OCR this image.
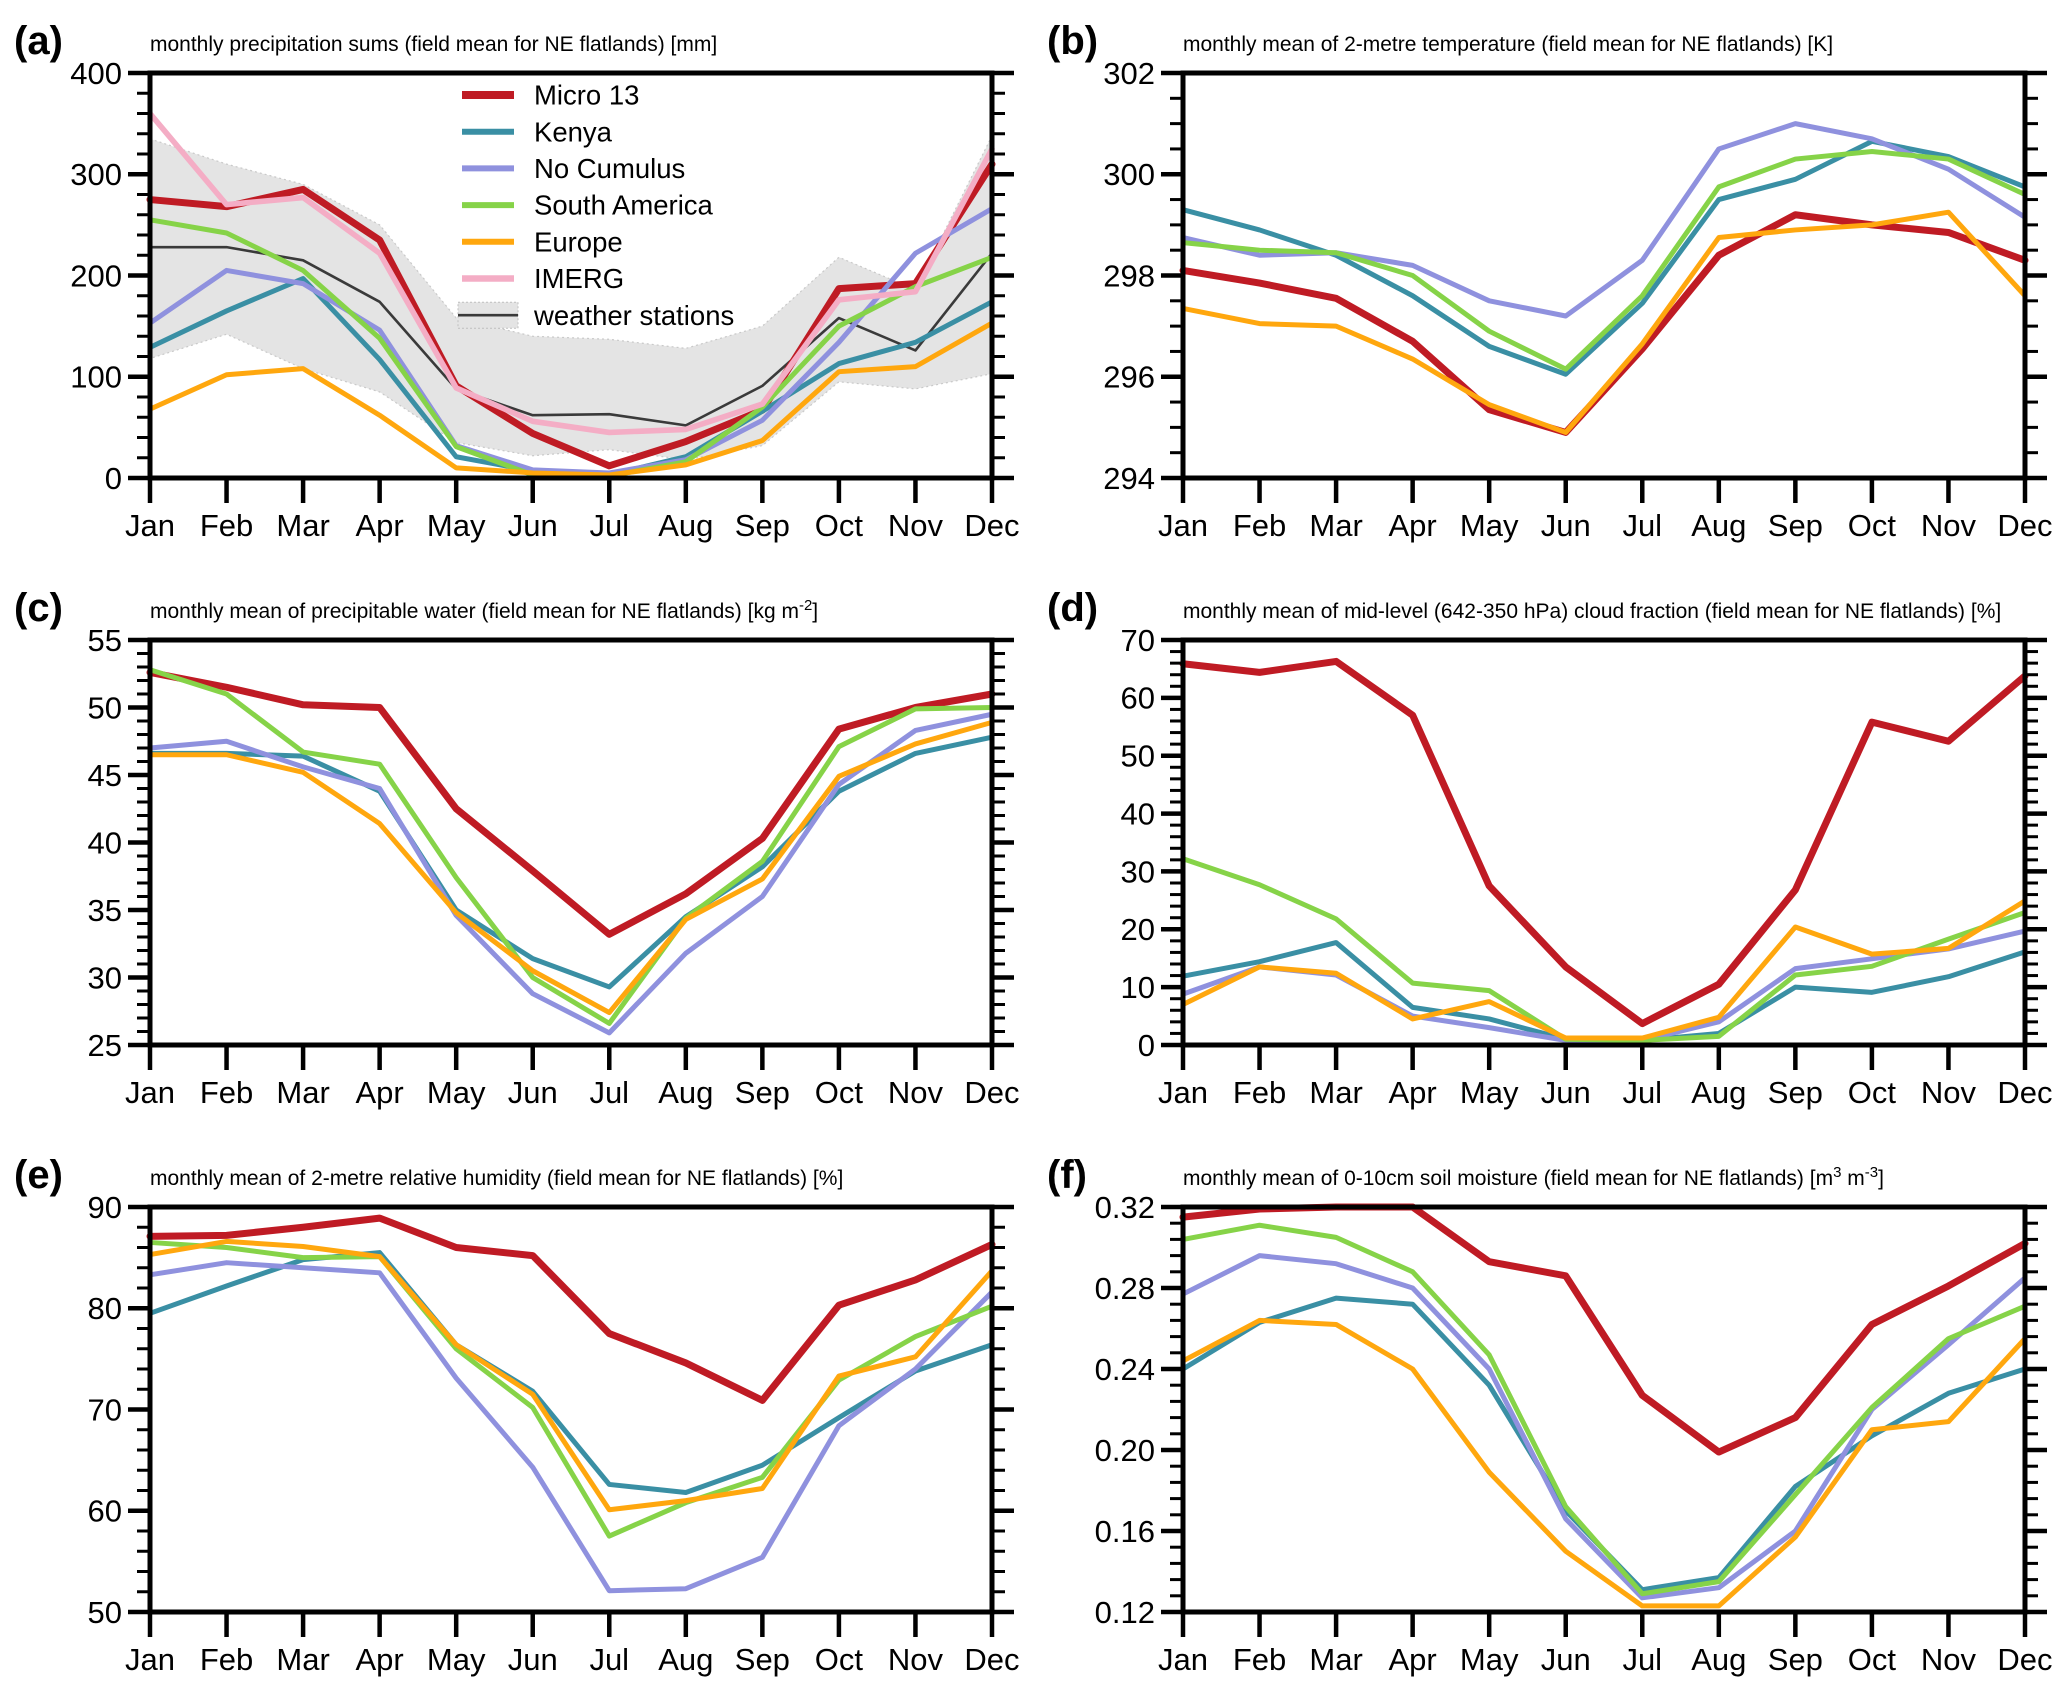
0
100
200
300
400
Jan Feb Mar Apr May Jun Jul Aug Sep Oct Nov Dec
monthly precipitation sums (field mean for NE flatlands) [mm]
(a)
Micro 13
Kenya
No Cumulus
South America
Europe
IMERG
weather stations
294
296
298
300
302
Jan Feb Mar Apr May Jun Jul Aug Sep Oct Nov Dec
monthly mean of 2-metre temperature (field mean for NE flatlands) [K]
(b)
25
30
35
40
45
50
55
Jan Feb Mar Apr May Jun Jul Aug Sep Oct Nov Dec
monthly mean of precipitable water (field mean for NE flatlands) [kg $m^{-2}$]
(c)
0
10
20
30
40
50
60
70
Jan Feb Mar Apr May Jun Jul Aug Sep Oct Nov Dec
monthly mean of mid-level (642-350 hPa) cloud fraction (field mean for NE flatlands) [%]
(d)
50
60
70
80
90
Jan Feb Mar Apr May Jun Jul Aug Sep Oct Nov Dec
monthly mean of 2-metre relative humidity (field mean for NE flatlands) [%]
(e)
0.12
0.16
0.20
0.24
0.28
0.32
Jan Feb Mar Apr May Jun Jul Aug Sep Oct Nov Dec
monthly mean of 0-10cm soil moisture (field mean for NE flatlands) [$m^3$ $m^{-3}$]
(f)
